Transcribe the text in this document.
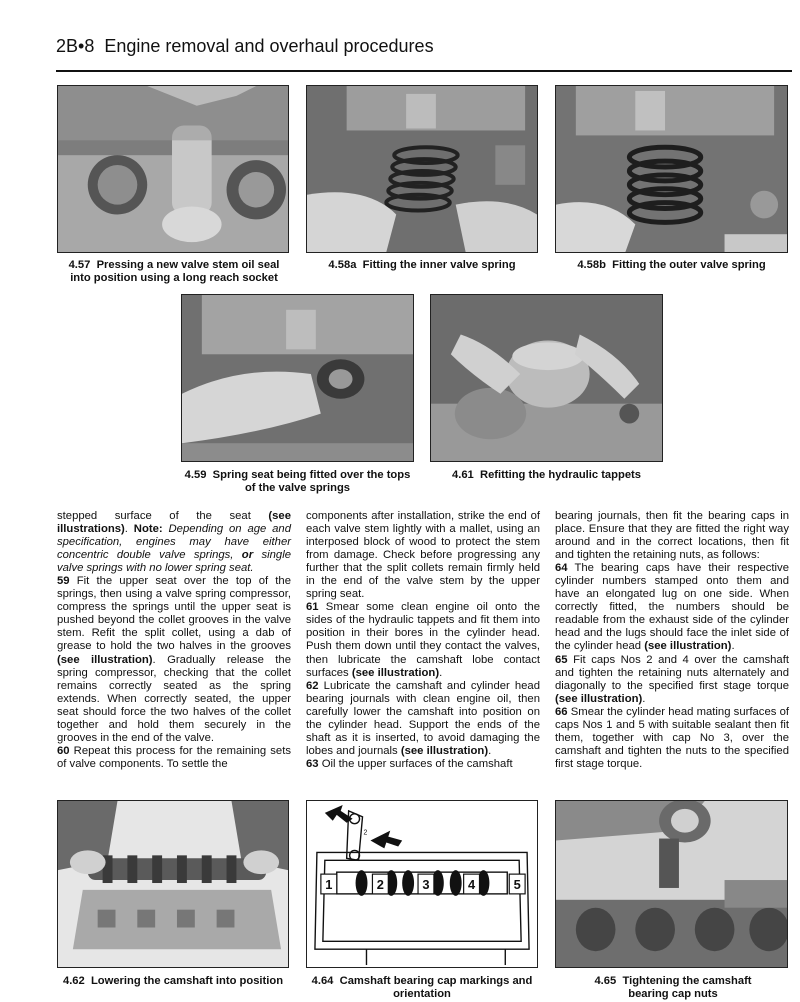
2B•8 Engine removal and overhaul procedures
4.57 Pressing a new valve stem oil seal into position using a long reach socket
4.58a Fitting the inner valve spring	4.58b Fitting the outer valve spring
4.59 Spring seat being fitted over the tops of the valve springs
4.61 Refitting the hydraulic tappets

stepped surface of the seat (see illustrations). Note: Depending on age and specification, engines may have either concentric double valve springs, or single valve springs with no lower spring seat.

59 Fit the upper seat over the top of the springs, then using a valve spring compressor, compress the springs until the upper seat is pushed beyond the collet grooves in the valve stem. Refit the split collet, using a dab of grease to hold the two halves in the grooves (see illustration). Gradually release the spring compressor, checking that the collet remains correctly seated as the spring extends. When correctly seated, the upper seat should force the two halves of the collet together and hold them securely in the grooves in the end of the valve.

60 Repeat this process for the remaining sets of valve components. To settle the

components after installation, strike the end of each valve stem lightly with a mallet, using an interposed block of wood to protect the stem from damage. Check before progressing any further that the split collets remain firmly held in the end of the valve stem by the upper spring seat.

61 Smear some clean engine oil onto the sides of the hydraulic tappets and fit them into position in their bores in the cylinder head. Push them down until they contact the valves, then lubricate the camshaft lobe contact surfaces (see illustration).

62 Lubricate the camshaft and cylinder head bearing journals with clean engine oil, then carefully lower the camshaft into position on the cylinder head. Support the ends of the shaft as it is inserted, to avoid damaging the lobes and journals (see illustration).

63 Oil the upper surfaces of the camshaft

bearing journals, then fit the bearing caps in place. Ensure that they are fitted the right way around and in the correct locations, then fit and tighten the retaining nuts, as follows:

64 The bearing caps have their respective cylinder numbers stamped onto them and have an elongated lug on one side. When correctly fitted, the numbers should be readable from the exhaust side of the cylinder head and the lugs should face the inlet side of the cylinder head (see illustration).

65 Fit caps Nos 2 and 4 over the camshaft and tighten the retaining nuts alternately and diagonally to the specified first stage torque (see illustration).

66 Smear the cylinder head mating surfaces of caps Nos 1 and 5 with suitable sealant then fit them, together with cap No 3, over the camshaft and tighten the nuts to the specified first stage torque.

4.62 Lowering the camshaft into position
1	2	3	4	5
2
4.64 Camshaft bearing cap markings and orientation
4.65 Tightening the camshaft bearing cap nuts
